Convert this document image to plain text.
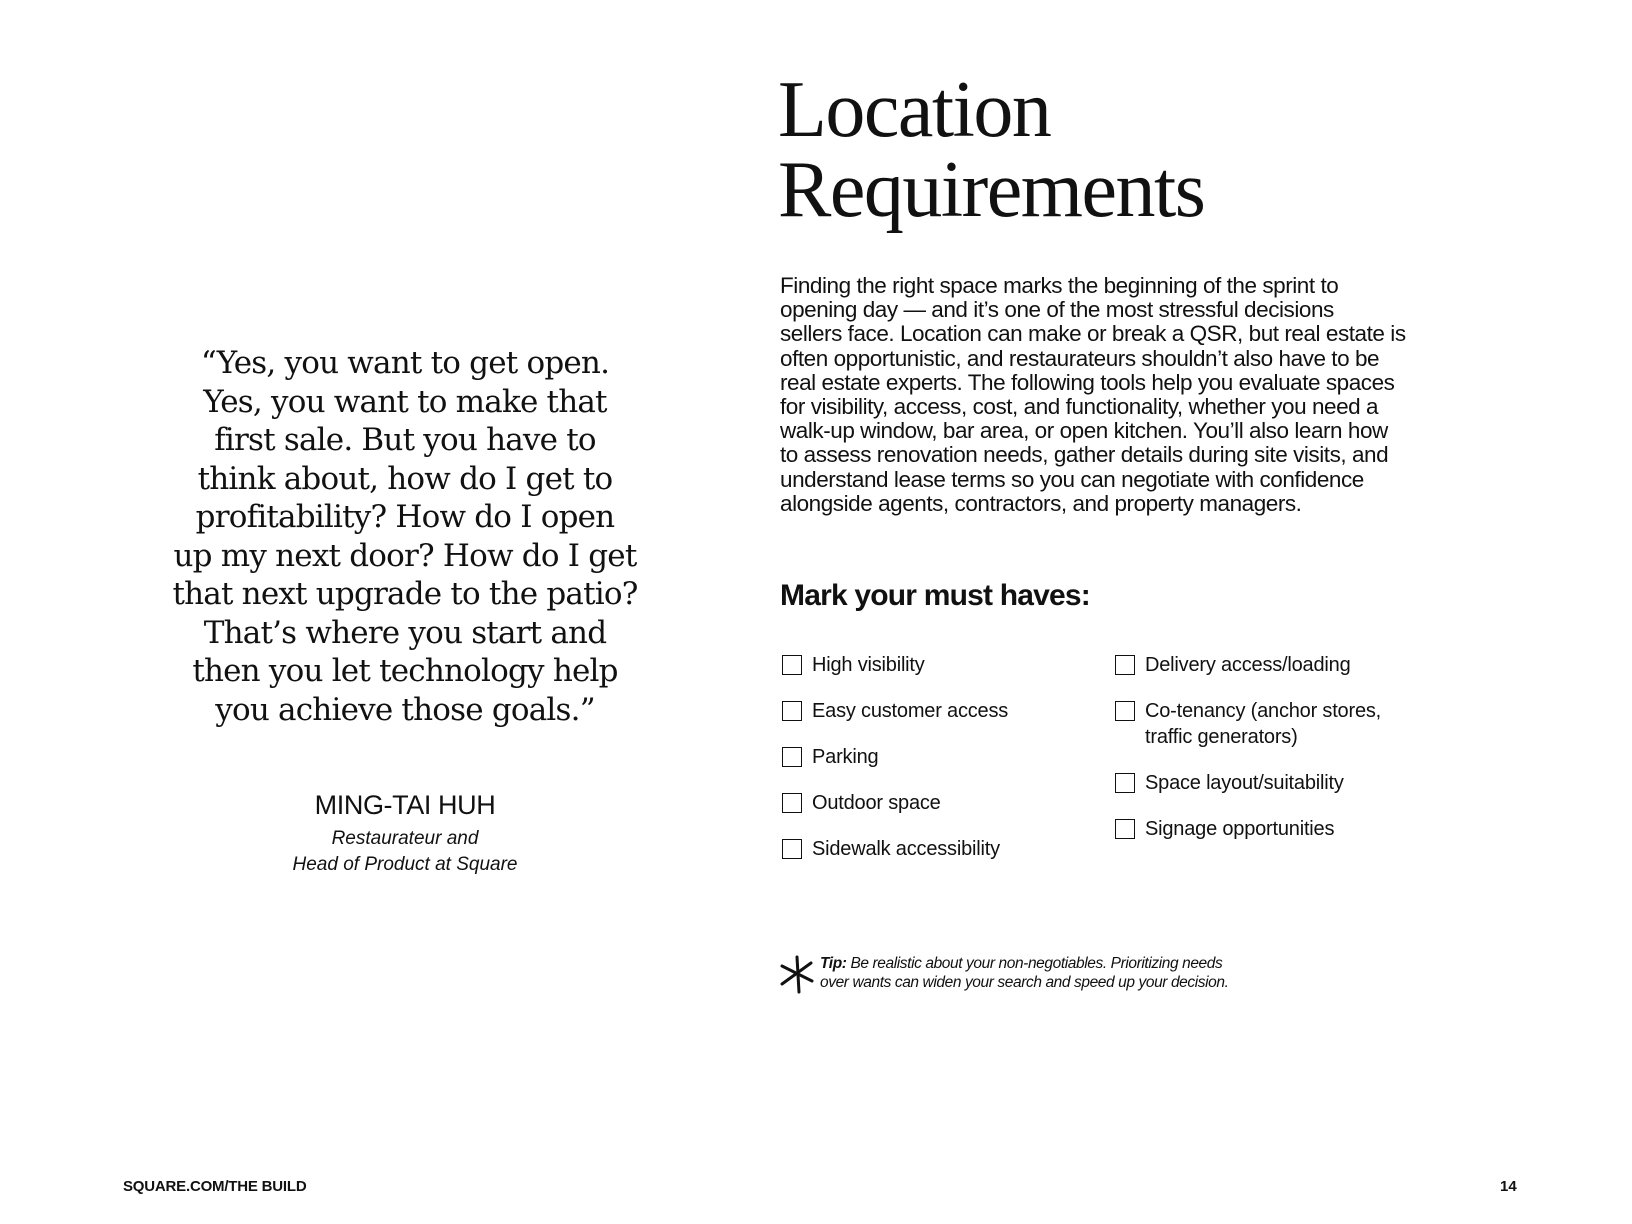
“Yes, you want to get open.
Yes, you want to make that
first sale. But you have to
think about, how do I get to
profitability? How do I open
up my next door? How do I get
that next upgrade to the patio?
That’s where you start and
then you let technology help
you achieve those goals.”
MING-TAI HUH
Restaurateur and
Head of Product at Square
Location
Requirements
Finding the right space marks the beginning of the sprint to
opening day — and it’s one of the most stressful decisions
sellers face. Location can make or break a QSR, but real estate is
often opportunistic, and restaurateurs shouldn’t also have to be
real estate experts. The following tools help you evaluate spaces
for visibility, access, cost, and functionality, whether you need a
walk-up window, bar area, or open kitchen. You’ll also learn how
to assess renovation needs, gather details during site visits, and
understand lease terms so you can negotiate with confidence
alongside agents, contractors, and property managers.
Mark your must haves:
High visibility
Easy customer access
Parking
Outdoor space
Sidewalk accessibility
Delivery access/loading
Co-tenancy (anchor stores,
traffic generators)
Space layout/suitability
Signage opportunities
Tip: Be realistic about your non-negotiables. Prioritizing needs
over wants can widen your search and speed up your decision.
SQUARE.COM/THE BUILD	14
